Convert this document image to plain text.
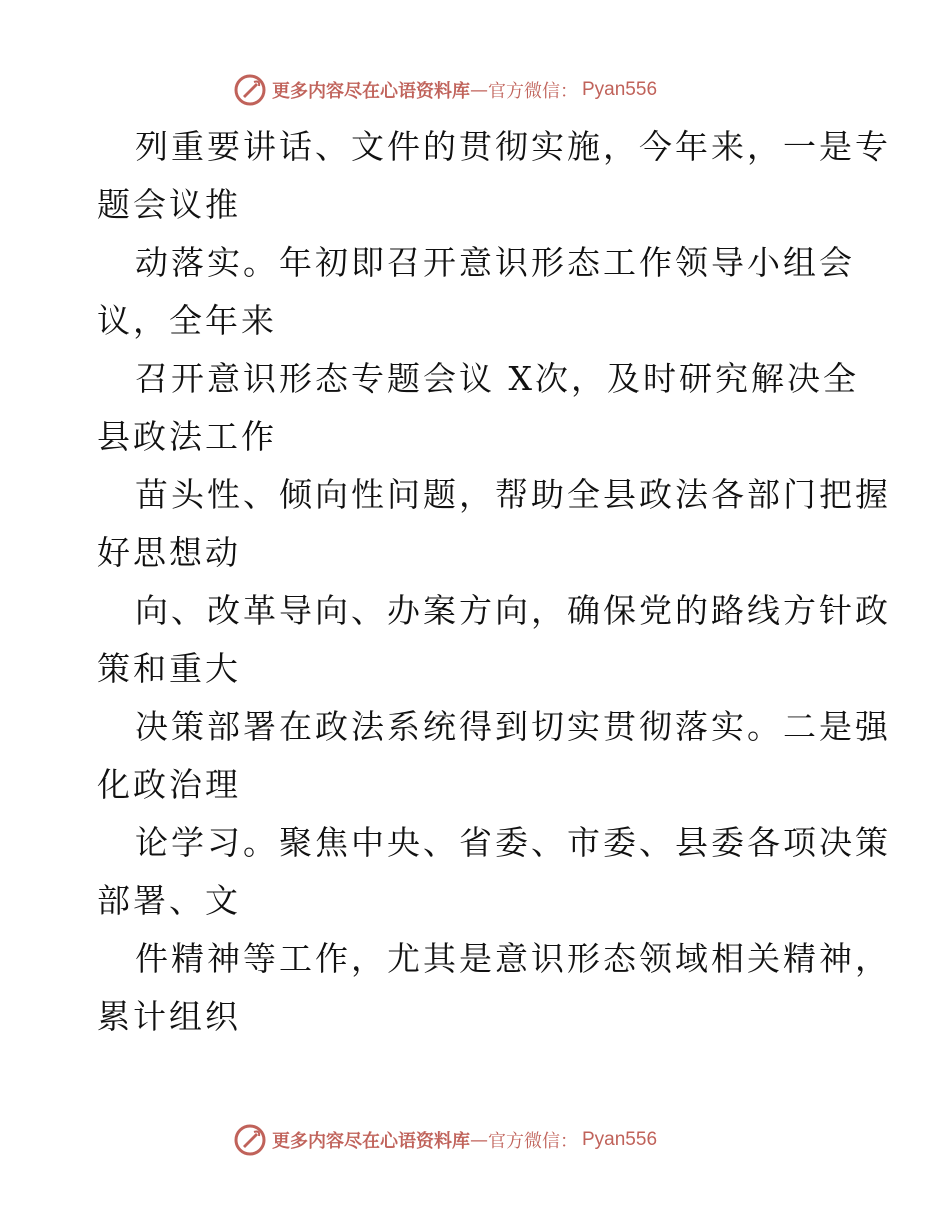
更多内容尽在心语资料库 — 官方微信： Pyan556
列重要讲话、文件的贯彻实施，今年来，一是专
题会议推
动落实。年初即召开意识形态工作领导小组会
议，全年来
召开意识形态专题会议 X次，及时研究解决全
县政法工作
苗头性、倾向性问题，帮助全县政法各部门把握
好思想动
向、改革导向、办案方向，确保党的路线方针政
策和重大
决策部署在政法系统得到切实贯彻落实。二是强
化政治理
论学习。聚焦中央、省委、市委、县委各项决策
部署、文
件精神等工作，尤其是意识形态领域相关精神，
累计组织
更多内容尽在心语资料库 — 官方微信： Pyan556
